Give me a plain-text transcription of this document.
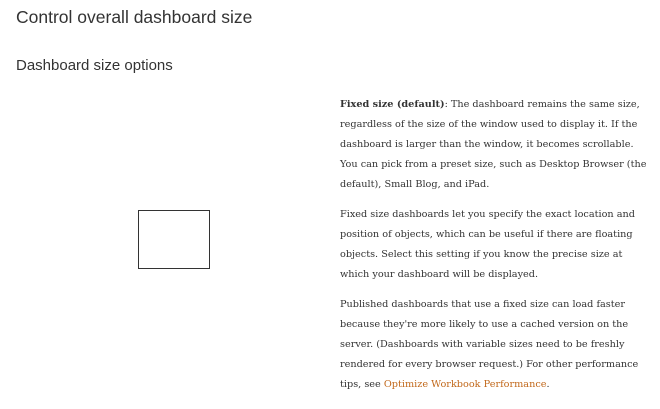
Control overall dashboard size
Dashboard size options

Fixed size (default): The dashboard remains the same size, regardless of the size of the window used to display it. If the dashboard is larger than the window, it becomes scrollable. You can pick from a preset size, such as Desktop Browser (the default), Small Blog, and iPad.

Fixed size dashboards let you specify the exact location and position of objects, which can be useful if there are floating objects. Select this setting if you know the precise size at which your dashboard will be displayed.

Published dashboards that use a fixed size can load faster because they're more likely to use a cached version on the server. (Dashboards with variable sizes need to be freshly rendered for every browser request.) For other performance tips, see Optimize Workbook Performance.
